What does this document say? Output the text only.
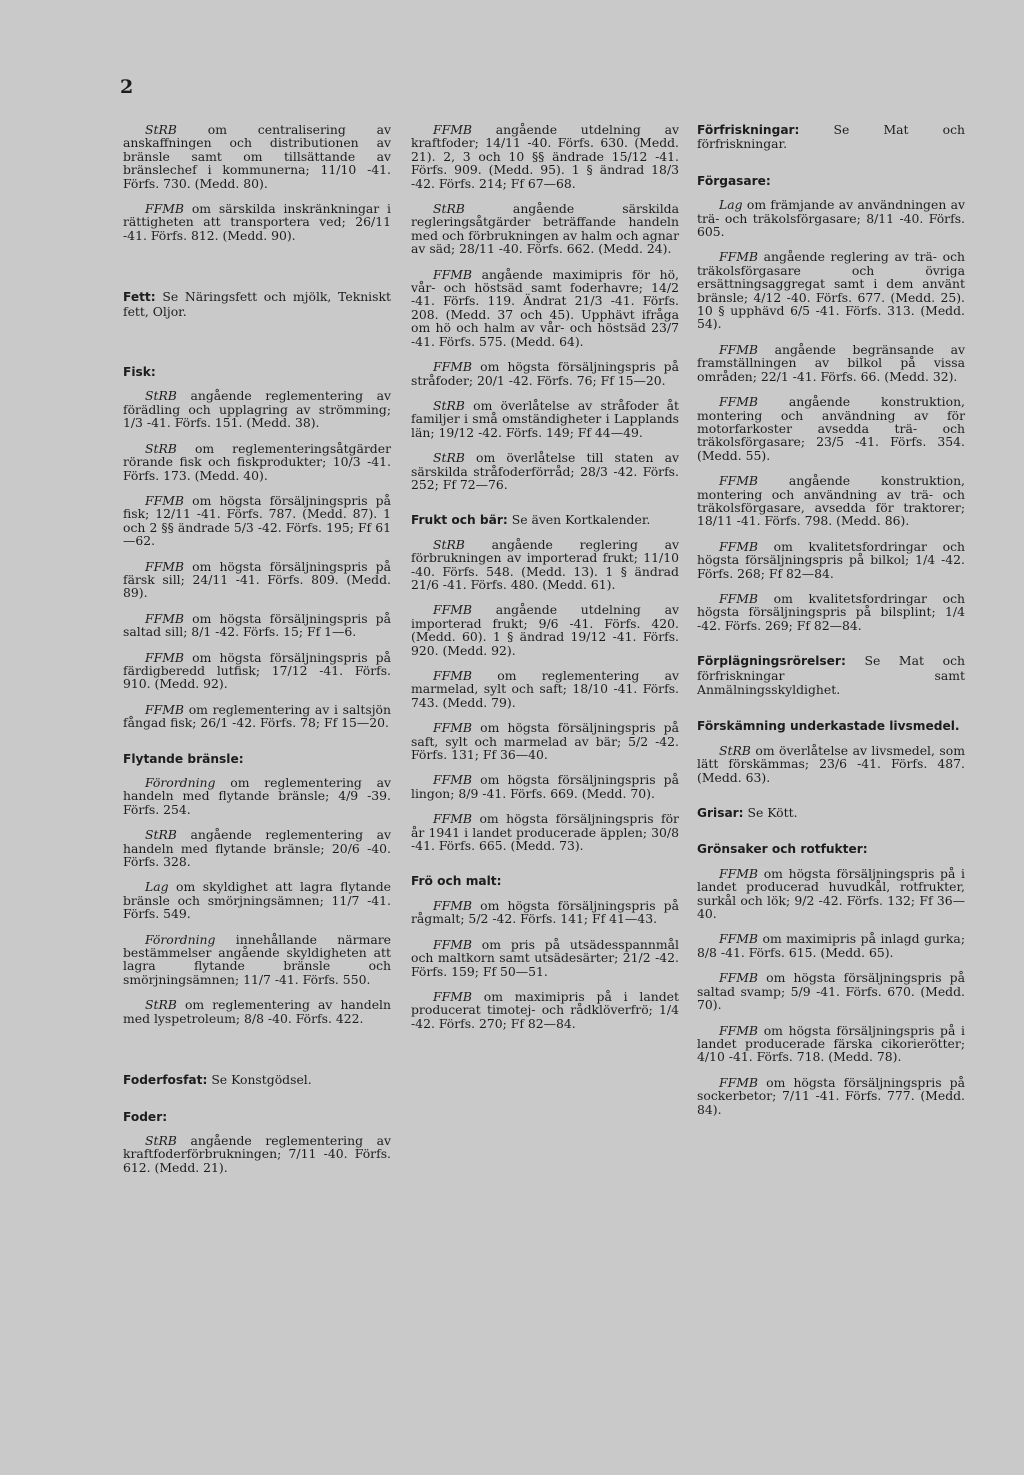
2

StRB om centralisering av anskaffningen och distributionen av bränsle samt om tillsättande av bränslechef i kommunerna; 11/10 -41. Förfs. 730. (Medd. 80).

FFMB om särskilda inskränkningar i rättigheten att transportera ved; 26/11 -41. Förfs. 812. (Medd. 90).

Fett: Se Näringsfett och mjölk, Tekniskt fett, Oljor.
Fisk:

StRB angående reglementering av förädling och upplagring av strömming; 1/3 -41. Förfs. 151. (Medd. 38).

StRB om reglementeringsåtgärder rörande fisk och fiskprodukter; 10/3 -41. Förfs. 173. (Medd. 40).

FFMB om högsta försäljningspris på fisk; 12/11 -41. Förfs. 787. (Medd. 87). 1 och 2 §§ ändrade 5/3 -42. Förfs. 195; Ff 61—62.

FFMB om högsta försäljningspris på färsk sill; 24/11 -41. Förfs. 809. (Medd. 89).

FFMB om högsta försäljningspris på saltad sill; 8/1 -42. Förfs. 15; Ff 1—6.

FFMB om högsta försäljningspris på färdigberedd lutfisk; 17/12 -41. Förfs. 910. (Medd. 92).

FFMB om reglementering av i saltsjön fångad fisk; 26/1 -42. Förfs. 78; Ff 15—20.

Flytande bränsle:

Förordning om reglementering av handeln med flytande bränsle; 4/9 -39. Förfs. 254.

StRB angående reglementering av handeln med flytande bränsle; 20/6 -40. Förfs. 328.

Lag om skyldighet att lagra flytande bränsle och smörjningsämnen; 11/7 -41. Förfs. 549.

Förordning innehållande närmare bestämmelser angående skyldigheten att lagra flytande bränsle och smörjningsämnen; 11/7 -41. Förfs. 550.

StRB om reglementering av handeln med lyspetroleum; 8/8 -40. Förfs. 422.

Foderfosfat: Se Konstgödsel.
Foder:

StRB angående reglementering av kraftfoderförbrukningen; 7/11 -40. Förfs. 612. (Medd. 21).

FFMB angående utdelning av kraftfoder; 14/11 -40. Förfs. 630. (Medd. 21). 2, 3 och 10 §§ ändrade 15/12 -41. Förfs. 909. (Medd. 95). 1 § ändrad 18/3 -42. Förfs. 214; Ff 67—68.

StRB angående särskilda regleringsåtgärder beträffande handeln med och förbrukningen av halm och agnar av säd; 28/11 -40. Förfs. 662. (Medd. 24).

FFMB angående maximipris för hö, vår- och höstsäd samt foderhavre; 14/2 -41. Förfs. 119. Ändrat 21/3 -41. Förfs. 208. (Medd. 37 och 45). Upphävt ifråga om hö och halm av vår- och höstsäd 23/7 -41. Förfs. 575. (Medd. 64).

FFMB om högsta försäljningspris på stråfoder; 20/1 -42. Förfs. 76; Ff 15—20.

StRB om överlåtelse av stråfoder åt familjer i små omständigheter i Lapplands län; 19/12 -42. Förfs. 149; Ff 44—49.

StRB om överlåtelse till staten av särskilda stråfoderförråd; 28/3 -42. Förfs. 252; Ff 72—76.

Frukt och bär: Se även Kortkalender.

StRB angående reglering av förbrukningen av importerad frukt; 11/10 -40. Förfs. 548. (Medd. 13). 1 § ändrad 21/6 -41. Förfs. 480. (Medd. 61).

FFMB angående utdelning av importerad frukt; 9/6 -41. Förfs. 420. (Medd. 60). 1 § ändrad 19/12 -41. Förfs. 920. (Medd. 92).

FFMB om reglementering av marmelad, sylt och saft; 18/10 -41. Förfs. 743. (Medd. 79).

FFMB om högsta försäljningspris på saft, sylt och marmelad av bär; 5/2 -42. Förfs. 131; Ff 36—40.

FFMB om högsta försäljningspris på lingon; 8/9 -41. Förfs. 669. (Medd. 70).

FFMB om högsta försäljningspris för år 1941 i landet producerade äpplen; 30/8 -41. Förfs. 665. (Medd. 73).

Frö och malt:

FFMB om högsta försäljningspris på rågmalt; 5/2 -42. Förfs. 141; Ff 41—43.

FFMB om pris på utsädesspannmål och maltkorn samt utsädesärter; 21/2 -42. Förfs. 159; Ff 50—51.

FFMB om maximipris på i landet producerat timotej- och rådklöverfrö; 1/4 -42. Förfs. 270; Ff 82—84.

Förfriskningar: Se Mat och förfriskningar.
Förgasare:

Lag om främjande av användningen av trä- och träkolsförgasare; 8/11 -40. Förfs. 605.

FFMB angående reglering av trä- och träkolsförgasare och övriga ersättningsaggregat samt i dem använt bränsle; 4/12 -40. Förfs. 677. (Medd. 25). 10 § upphävd 6/5 -41. Förfs. 313. (Medd. 54).

FFMB angående begränsande av framställningen av bilkol på vissa områden; 22/1 -41. Förfs. 66. (Medd. 32).

FFMB angående konstruktion, montering och användning av för motorfarkoster avsedda trä- och träkolsförgasare; 23/5 -41. Förfs. 354. (Medd. 55).

FFMB angående konstruktion, montering och användning av trä- och träkolsförgasare, avsedda för traktorer; 18/11 -41. Förfs. 798. (Medd. 86).

FFMB om kvalitetsfordringar och högsta försäljningspris på bilkol; 1/4 -42. Förfs. 268; Ff 82—84.

FFMB om kvalitetsfordringar och högsta försäljningspris på bilsplint; 1/4 -42. Förfs. 269; Ff 82—84.

Förplägningsrörelser: Se Mat och förfriskningar samt Anmälningsskyldighet.
Förskämning underkastade livsmedel.

StRB om överlåtelse av livsmedel, som lätt förskämmas; 23/6 -41. Förfs. 487. (Medd. 63).

Grisar: Se Kött.
Grönsaker och rotfukter:

FFMB om högsta försäljningspris på i landet producerad huvudkål, rotfrukter, surkål och lök; 9/2 -42. Förfs. 132; Ff 36—40.

FFMB om maximipris på inlagd gurka; 8/8 -41. Förfs. 615. (Medd. 65).

FFMB om högsta försäljningspris på saltad svamp; 5/9 -41. Förfs. 670. (Medd. 70).

FFMB om högsta försäljningspris på i landet producerade färska cikorierötter; 4/10 -41. Förfs. 718. (Medd. 78).

FFMB om högsta försäljningspris på sockerbetor; 7/11 -41. Förfs. 777. (Medd. 84).
